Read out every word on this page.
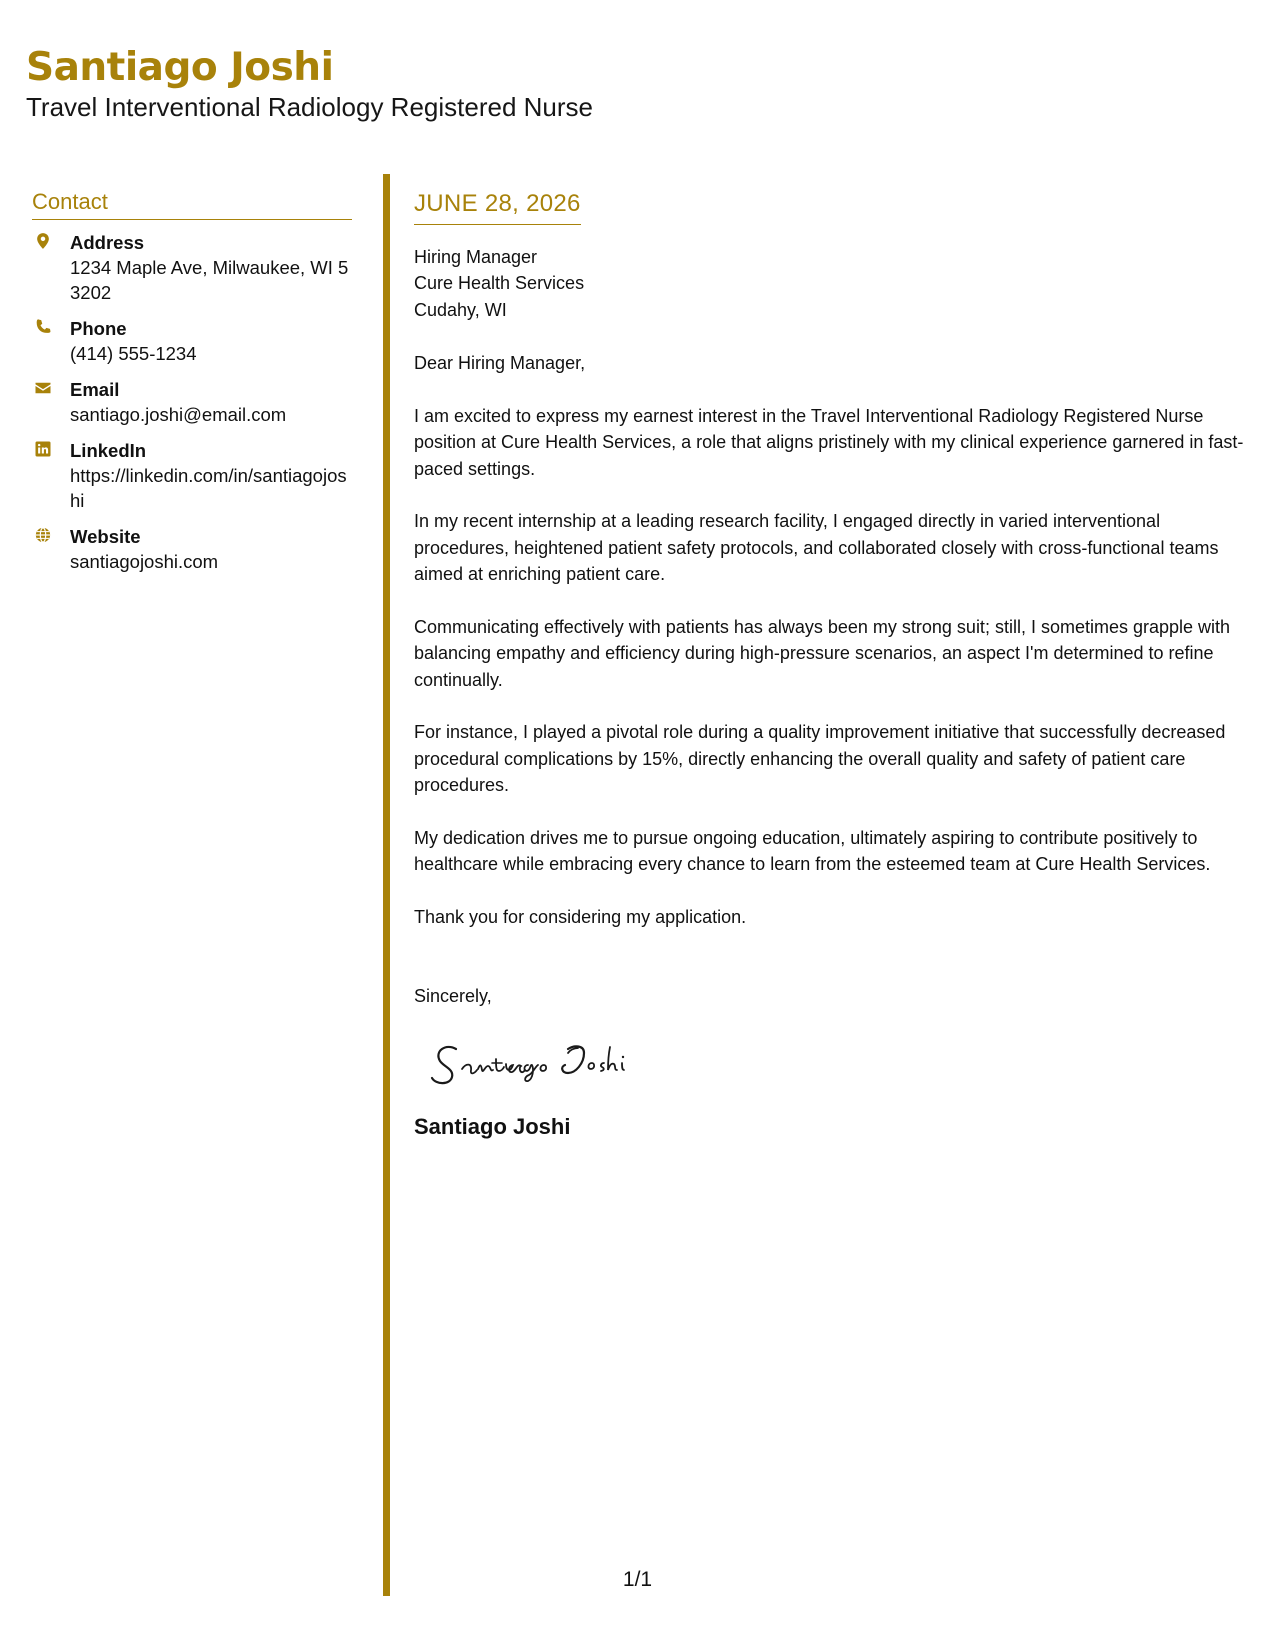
Santiago Joshi
Travel Interventional Radiology Registered Nurse
Contact
Address
1234 Maple Ave, Milwaukee, WI 53202
Phone
(414) 555-1234
Email
santiago.joshi@email.com
LinkedIn
https://linkedin.com/in/santiagojoshi
Website
santiagojoshi.com
JUNE 28, 2026
Hiring Manager
Cure Health Services
Cudahy, WI
Dear Hiring Manager,
I am excited to express my earnest interest in the Travel Interventional Radiology Registered Nurse position at Cure Health Services, a role that aligns pristinely with my clinical experience garnered in fast-paced settings.
In my recent internship at a leading research facility, I engaged directly in varied interventional procedures, heightened patient safety protocols, and collaborated closely with cross-functional teams aimed at enriching patient care.
Communicating effectively with patients has always been my strong suit; still, I sometimes grapple with balancing empathy and efficiency during high-pressure scenarios, an aspect I'm determined to refine continually.
For instance, I played a pivotal role during a quality improvement initiative that successfully decreased procedural complications by 15%, directly enhancing the overall quality and safety of patient care procedures.
My dedication drives me to pursue ongoing education, ultimately aspiring to contribute positively to healthcare while embracing every chance to learn from the esteemed team at Cure Health Services.
Thank you for considering my application.
Sincerely,
Santiago Joshi
1/1
